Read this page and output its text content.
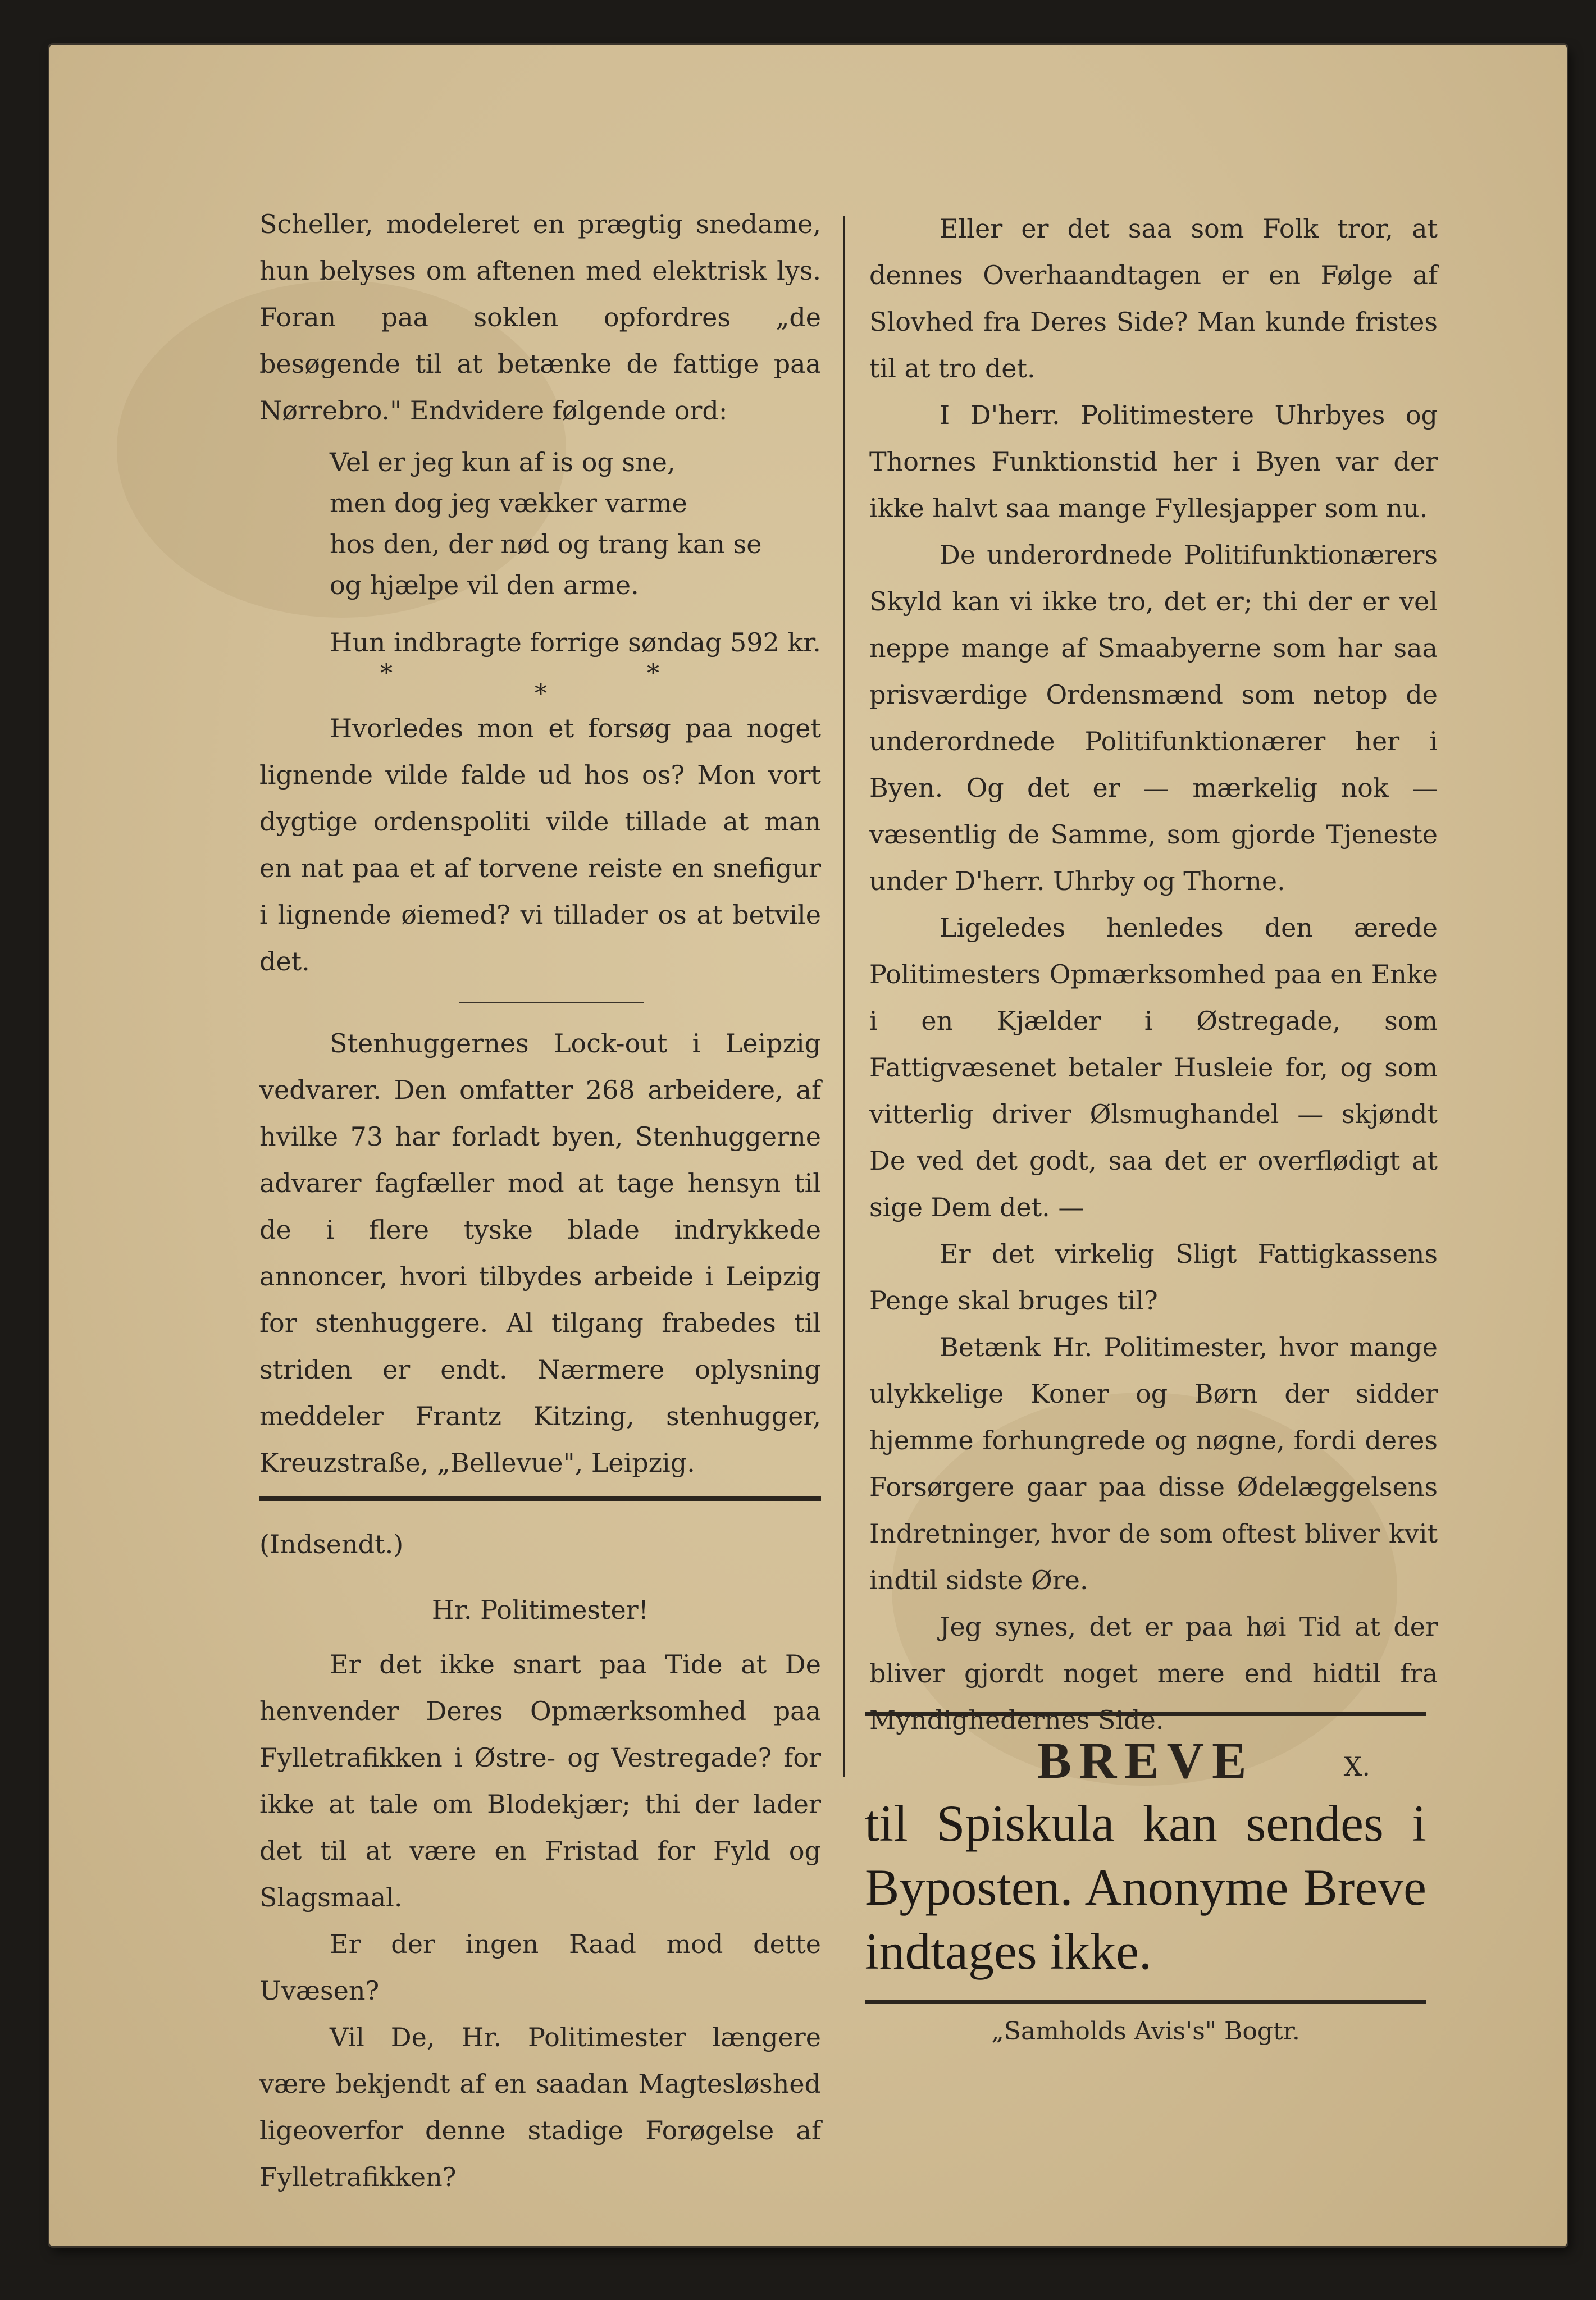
Scheller, modeleret en prægtig snedame, hun belyses om aftenen med elektrisk lys. Foran paa soklen opfordres „de besøgende til at betænke de fattige paa Nørrebro." Endvidere følgende ord:

Vel er jeg kun af is og sne,
men dog jeg vækker varme
hos den, der nød og trang kan se
og hjælpe vil den arme.

Hun indbragte forrige søndag 592 kr.

*
*
*

Hvorledes mon et forsøg paa noget lignende vilde falde ud hos os? Mon vort dygtige ordenspoliti vilde tillade at man en nat paa et af torvene reiste en snefigur i lignende øiemed? vi tillader os at betvile det.

Stenhuggernes Lock-out i Leipzig vedvarer. Den omfatter 268 arbeidere, af hvilke 73 har forladt byen, Stenhuggerne advarer fagfæller mod at tage hensyn til de i flere tyske blade indrykkede annoncer, hvori tilbydes arbeide i Leipzig for stenhuggere. Al tilgang frabedes til striden er endt. Nærmere oplysning meddeler Frantz Kitzing, stenhugger, Kreuzstraße, „Bellevue", Leipzig.

(Indsendt.)

Hr. Politimester!

Er det ikke snart paa Tide at De henvender Deres Opmærksomhed paa Fylletrafikken i Østre- og Vestregade? for ikke at tale om Blodekjær; thi der lader det til at være en Fristad for Fyld og Slagsmaal.

Er der ingen Raad mod dette Uvæsen?

Vil De, Hr. Politimester længere være bekjendt af en saadan Magtesløshed ligeoverfor denne stadige Forøgelse af Fylletrafikken?

Eller er det saa som Folk tror, at dennes Overhaandtagen er en Følge af Slovhed fra Deres Side? Man kunde fristes til at tro det.

I D'herr. Politimestere Uhrbyes og Thornes Funktionstid her i Byen var der ikke halvt saa mange Fyllesjapper som nu.

De underordnede Politifunktionærers Skyld kan vi ikke tro, det er; thi der er vel neppe mange af Smaabyerne som har saa prisværdige Ordensmænd som netop de underordnede Politifunktionærer her i Byen. Og det er — mærkelig nok — væsentlig de Samme, som gjorde Tjeneste under D'herr. Uhrby og Thorne.

Ligeledes henledes den ærede Politimesters Opmærksomhed paa en Enke i en Kjælder i Østregade, som Fattigvæsenet betaler Husleie for, og som vitterlig driver Ølsmughandel — skjøndt De ved det godt, saa det er overflødigt at sige Dem det. —

Er det virkelig Sligt Fattigkassens Penge skal bruges til?

Betænk Hr. Politimester, hvor mange ulykkelige Koner og Børn der sidder hjemme forhungrede og nøgne, fordi deres Forsørgere gaar paa disse Ødelæggelsens Indretninger, hvor de som oftest bliver kvit indtil sidste Øre.

Jeg synes, det er paa høi Tid at der bliver gjordt noget mere end hidtil fra Myndighedernes Side.

X.

BREVE
til Spiskula kan sendes i Byposten. Anonyme Breve indtages ikke.
„Samholds Avis's" Bogtr.
